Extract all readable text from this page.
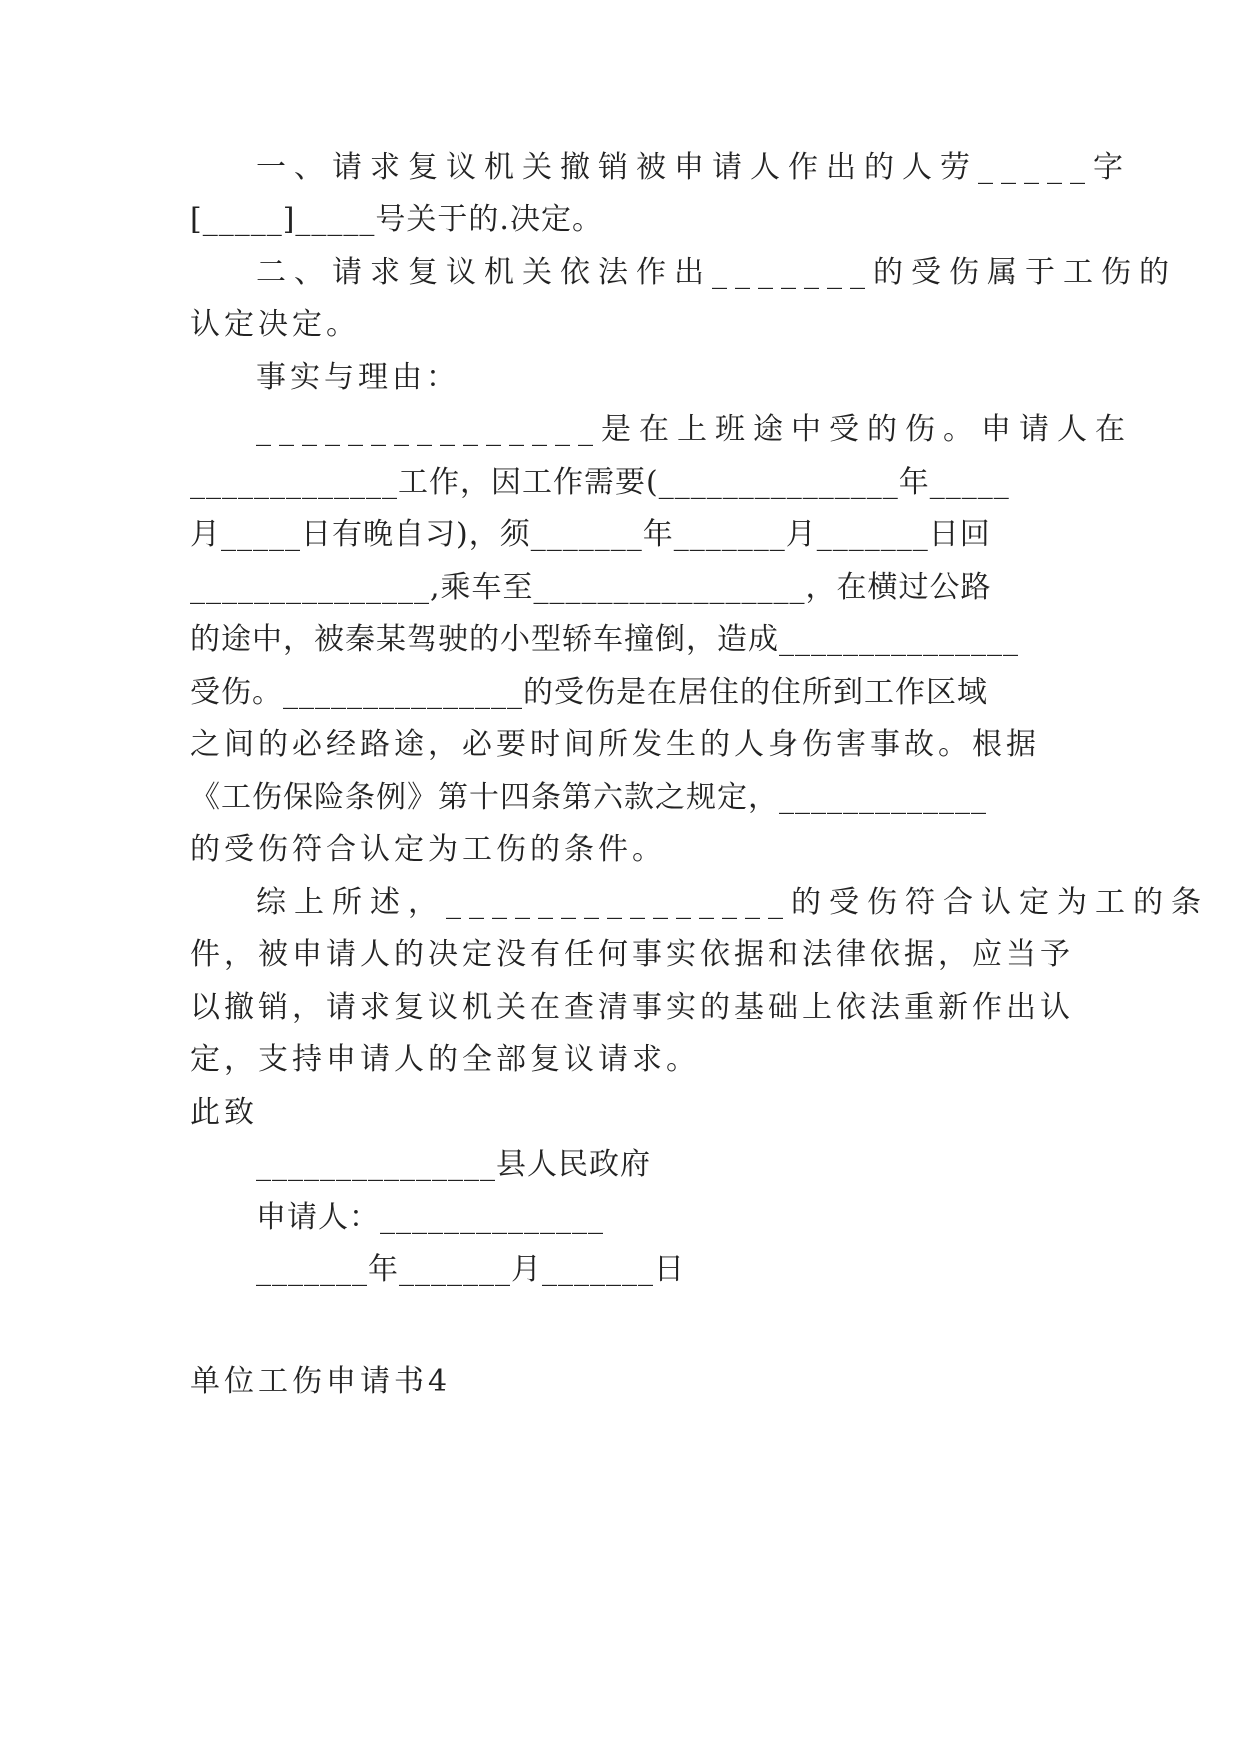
一、请求复议机关撤销被申请人作出的人劳_____字
[_____]_____号关于的.决定。
二、请求复议机关依法作出_______的受伤属于工伤的
认定决定。
事实与理由：
_______________是在上班途中受的伤。申请人在
_____________工作，因工作需要(_______________年_____
月_____日有晚自习)，须_______年_______月_______日回
_______________,乘车至_________________，在横过公路
的途中，被秦某驾驶的小型轿车撞倒，造成_______________
受伤。_______________的受伤是在居住的住所到工作区域
之间的必经路途，必要时间所发生的人身伤害事故。根据
《工伤保险条例》第十四条第六款之规定，_____________
的受伤符合认定为工伤的条件。
综上所述，_______________的受伤符合认定为工的条
件，被申请人的决定没有任何事实依据和法律依据，应当予
以撤销，请求复议机关在查清事实的基础上依法重新作出认
定，支持申请人的全部复议请求。
此致
_______________县人民政府
申请人：______________
_______年_______月_______日
单位工伤申请书4
